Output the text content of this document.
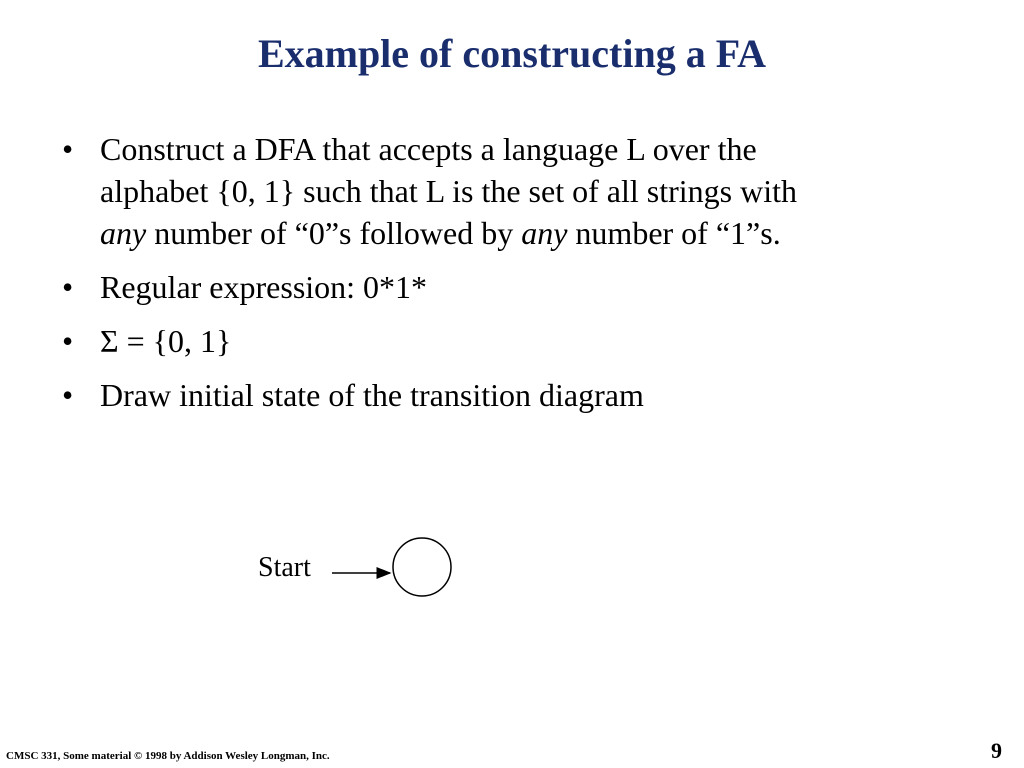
Example of constructing a FA
• Construct a DFA that accepts a language L over the
alphabet {0, 1} such that L is the set of all strings with
any number of “0”s followed by any number of “1”s.
• Regular expression: 0*1*
• Σ = {0, 1}
• Draw initial state of the transition diagram
Start
CMSC 331, Some material © 1998 by Addison Wesley Longman, Inc.	9
